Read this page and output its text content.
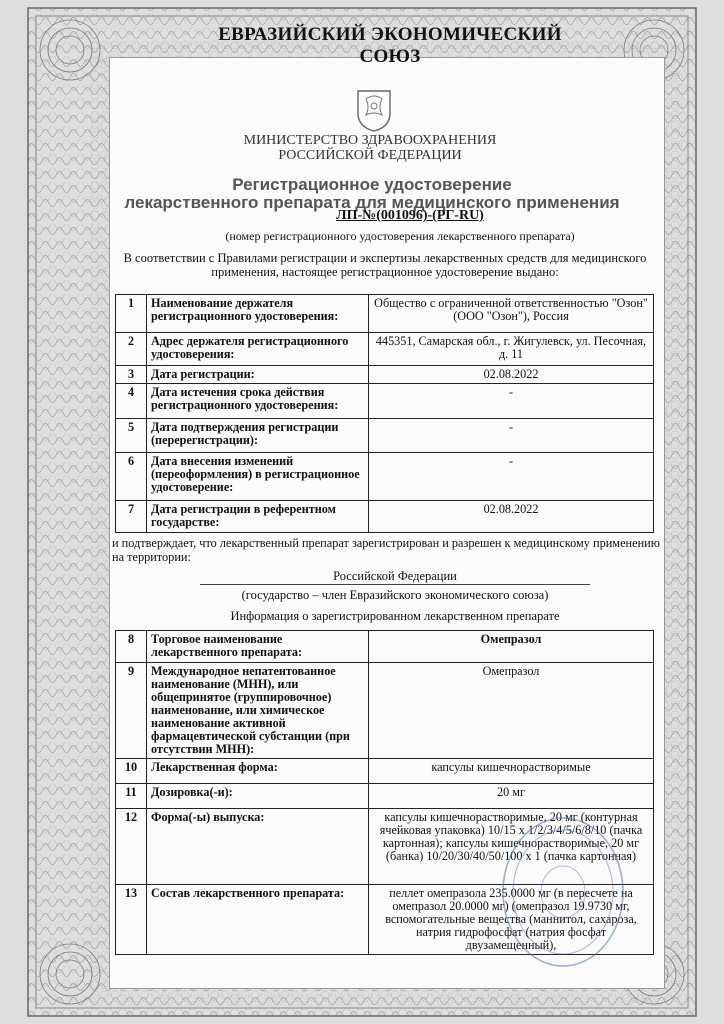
ЕВРАЗИЙСКИЙ ЭКОНОМИЧЕСКИЙ СОЮЗ
МИНИСТЕРСТВО ЗДРАВООХРАНЕНИЯ
РОССИЙСКОЙ ФЕДЕРАЦИИ
Регистрационное удостоверение
лекарственного препарата для медицинского применения
ЛП-№(001096)-(РГ-RU)
(номер регистрационного удостоверения лекарственного препарата)
В соответствии с Правилами регистрации и экспертизы лекарственных средств для медицинского применения, настоящее регистрационное удостоверение выдано:
1	Наименование держателя регистрационного удостоверения:	Общество с ограниченной ответственностью "Озон" (ООО "Озон"), Россия
2	Адрес держателя регистрационного удостоверения:	445351, Самарская обл., г. Жигулевск, ул. Песочная, д. 11
3	Дата регистрации:	02.08.2022
4	Дата истечения срока действия регистрационного удостоверения:	-
5	Дата подтверждения регистрации (перерегистрации):	-
6	Дата внесения изменений (переоформления) в регистрационное удостоверение:	-
7	Дата регистрации в референтном государстве:	02.08.2022
и подтверждает, что лекарственный препарат зарегистрирован и разрешен к медицинскому применению на территории:
Российской Федерации
(государство – член Евразийского экономического союза)
Информация о зарегистрированном лекарственном препарате
8	Торговое наименование лекарственного препарата:	Омепразол
9	Международное непатентованное наименование (МНН), или общепринятое (группировочное) наименование, или химическое наименование активной фармацевтической субстанции (при отсутствии МНН):	Омепразол
10	Лекарственная форма:	капсулы кишечнорастворимые
11	Дозировка(-и):	20 мг
12	Форма(-ы) выпуска:	капсулы кишечнорастворимые, 20 мг (контурная ячейковая упаковка) 10/15 x 1/2/3/4/5/6/8/10 (пачка картонная); капсулы кишечнорастворимые, 20 мг (банка) 10/20/30/40/50/100 x 1 (пачка картонная)
13	Состав лекарственного препарата:	пеллет омепразола 235.0000 мг (в пересчете на омепразол 20.0000 мг) (омепразол 19.9730 мг, вспомогательные вещества (маннитол, сахароза, натрия гидрофосфат (натрия фосфат двузамещенный),
